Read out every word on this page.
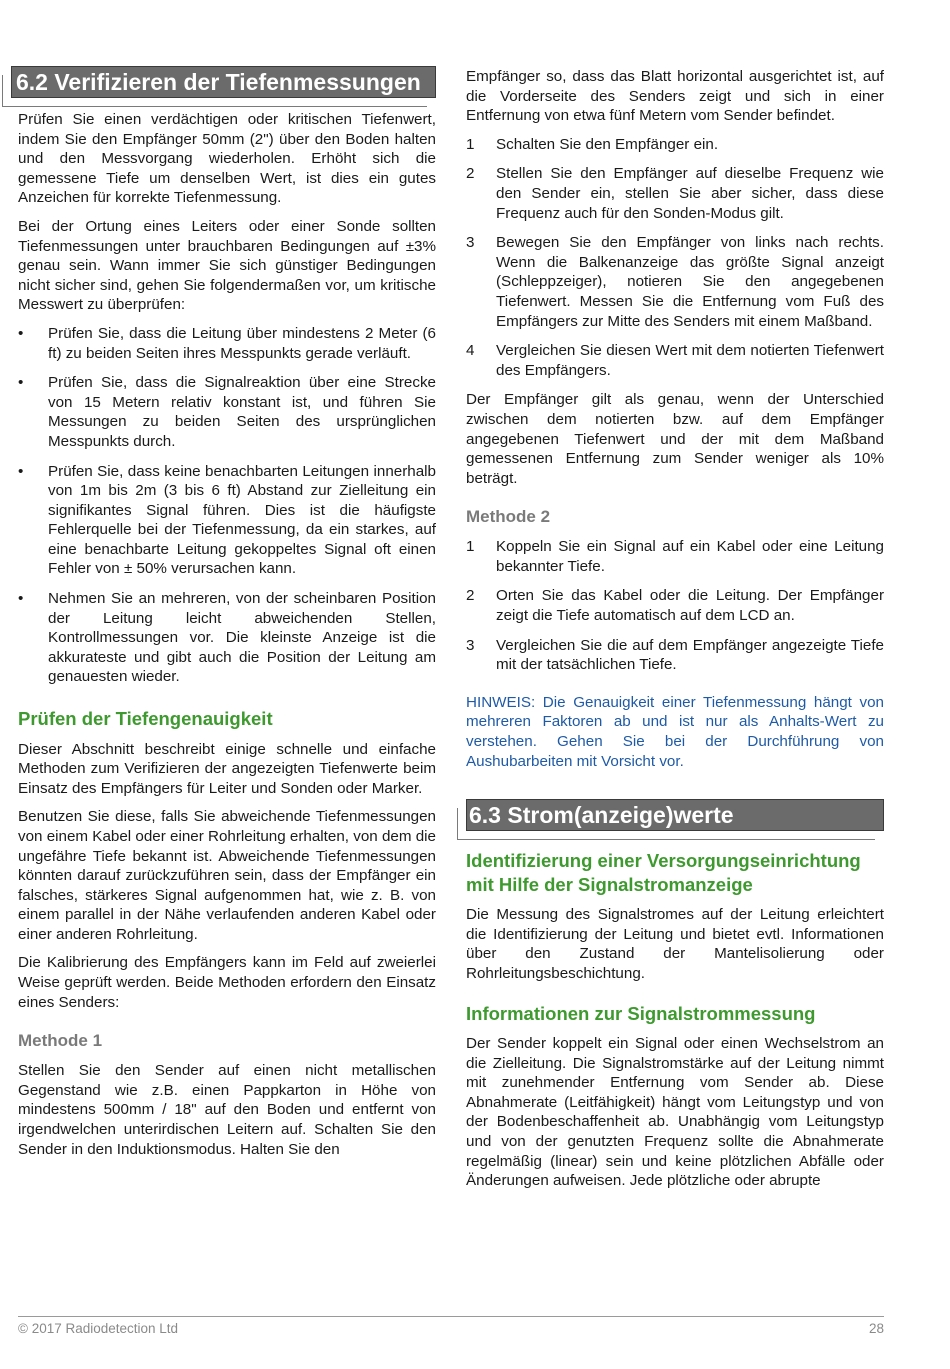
6.2 Verifizieren der Tiefenmessungen

Prüfen Sie einen verdächtigen oder kritischen Tiefenwert, indem Sie den Empfänger 50mm (2") über den Boden halten und den Messvorgang wiederholen. Erhöht sich die gemessene Tiefe um denselben Wert, ist dies ein gutes Anzeichen für korrekte Tiefenmessung.

Bei der Ortung eines Leiters oder einer Sonde sollten Tiefenmessungen unter brauchbaren Bedingungen auf ±3% genau sein. Wann immer Sie sich günstiger Bedingungen nicht sicher sind, gehen Sie folgendermaßen vor, um kritische Messwert zu überprüfen:

• Prüfen Sie, dass die Leitung über mindestens 2 Meter (6 ft) zu beiden Seiten ihres Messpunkts gerade verläuft.
• Prüfen Sie, dass die Signalreaktion über eine Strecke von 15 Metern relativ konstant ist, und führen Sie Messungen zu beiden Seiten des ursprünglichen Messpunkts durch.
• Prüfen Sie, dass keine benachbarten Leitungen innerhalb von 1m bis 2m (3 bis 6 ft) Abstand zur Zielleitung ein signifikantes Signal führen. Dies ist die häufigste Fehlerquelle bei der Tiefenmessung, da ein starkes, auf eine benachbarte Leitung gekoppeltes Signal oft einen Fehler von ± 50% verursachen kann.
• Nehmen Sie an mehreren, von der scheinbaren Position der Leitung leicht abweichenden Stellen, Kontrollmessungen vor. Die kleinste Anzeige ist die akkurateste und gibt auch die Position der Leitung am genauesten wieder.
Prüfen der Tiefengenauigkeit

Dieser Abschnitt beschreibt einige schnelle und einfache Methoden zum Verifizieren der angezeigten Tiefenwerte beim Einsatz des Empfängers für Leiter und Sonden oder Marker.

Benutzen Sie diese, falls Sie abweichende Tiefenmessungen von einem Kabel oder einer Rohrleitung erhalten, von dem die ungefähre Tiefe bekannt ist. Abweichende Tiefenmessungen könnten darauf zurückzuführen sein, dass der Empfänger ein falsches, stärkeres Signal aufgenommen hat, wie z. B. von einem parallel in der Nähe verlaufenden anderen Kabel oder einer anderen Rohrleitung.

Die Kalibrierung des Empfängers kann im Feld auf zweierlei Weise geprüft werden. Beide Methoden erfordern den Einsatz eines Senders:

Methode 1

Stellen Sie den Sender auf einen nicht metallischen Gegenstand wie z.B. einen Pappkarton in Höhe von mindestens 500mm / 18" auf den Boden und entfernt von irgendwelchen unterirdischen Leitern auf. Schalten Sie den Sender in den Induktionsmodus. Halten Sie den

Empfänger so, dass das Blatt horizontal ausgerichtet ist, auf die Vorderseite des Senders zeigt und sich in einer Entfernung von etwa fünf Metern vom Sender befindet.

1 Schalten Sie den Empfänger ein.
2 Stellen Sie den Empfänger auf dieselbe Frequenz wie den Sender ein, stellen Sie aber sicher, dass diese Frequenz auch für den Sonden-Modus gilt.
3 Bewegen Sie den Empfänger von links nach rechts. Wenn die Balkenanzeige das größte Signal anzeigt (Schleppzeiger), notieren Sie den angegebenen Tiefenwert. Messen Sie die Entfernung vom Fuß des Empfängers zur Mitte des Senders mit einem Maßband.
4 Vergleichen Sie diesen Wert mit dem notierten Tiefenwert des Empfängers.

Der Empfänger gilt als genau, wenn der Unterschied zwischen dem notierten bzw. auf dem Empfänger angegebenen Tiefenwert und der mit dem Maßband gemessenen Entfernung zum Sender weniger als 10% beträgt.

Methode 2
1 Koppeln Sie ein Signal auf ein Kabel oder eine Leitung bekannter Tiefe.
2 Orten Sie das Kabel oder die Leitung. Der Empfänger zeigt die Tiefe automatisch auf dem LCD an.
3 Vergleichen Sie die auf dem Empfänger angezeigte Tiefe mit der tatsächlichen Tiefe.

HINWEIS: Die Genauigkeit einer Tiefenmessung hängt von mehreren Faktoren ab und ist nur als Anhalts-Wert zu verstehen. Gehen Sie bei der Durchführung von Aushubarbeiten mit Vorsicht vor.

6.3 Strom(anzeige)werte
Identifizierung einer Versorgungseinrichtung mit Hilfe der Signalstromanzeige

Die Messung des Signalstromes auf der Leitung erleichtert die Identifizierung der Leitung und bietet evtl. Informationen über den Zustand der Mantelisolierung oder Rohrleitungsbeschichtung.

Informationen zur Signalstrommessung

Der Sender koppelt ein Signal oder einen Wechselstrom an die Zielleitung. Die Signalstromstärke auf der Leitung nimmt mit zunehmender Entfernung vom Sender ab. Diese Abnahmerate (Leitfähigkeit) hängt vom Leitungstyp und von der Bodenbeschaffenheit ab. Unabhängig vom Leitungstyp und von der genutzten Frequenz sollte die Abnahmerate regelmäßig (linear) sein und keine plötzlichen Abfälle oder Änderungen aufweisen. Jede plötzliche oder abrupte

© 2017 Radiodetection Ltd	28
